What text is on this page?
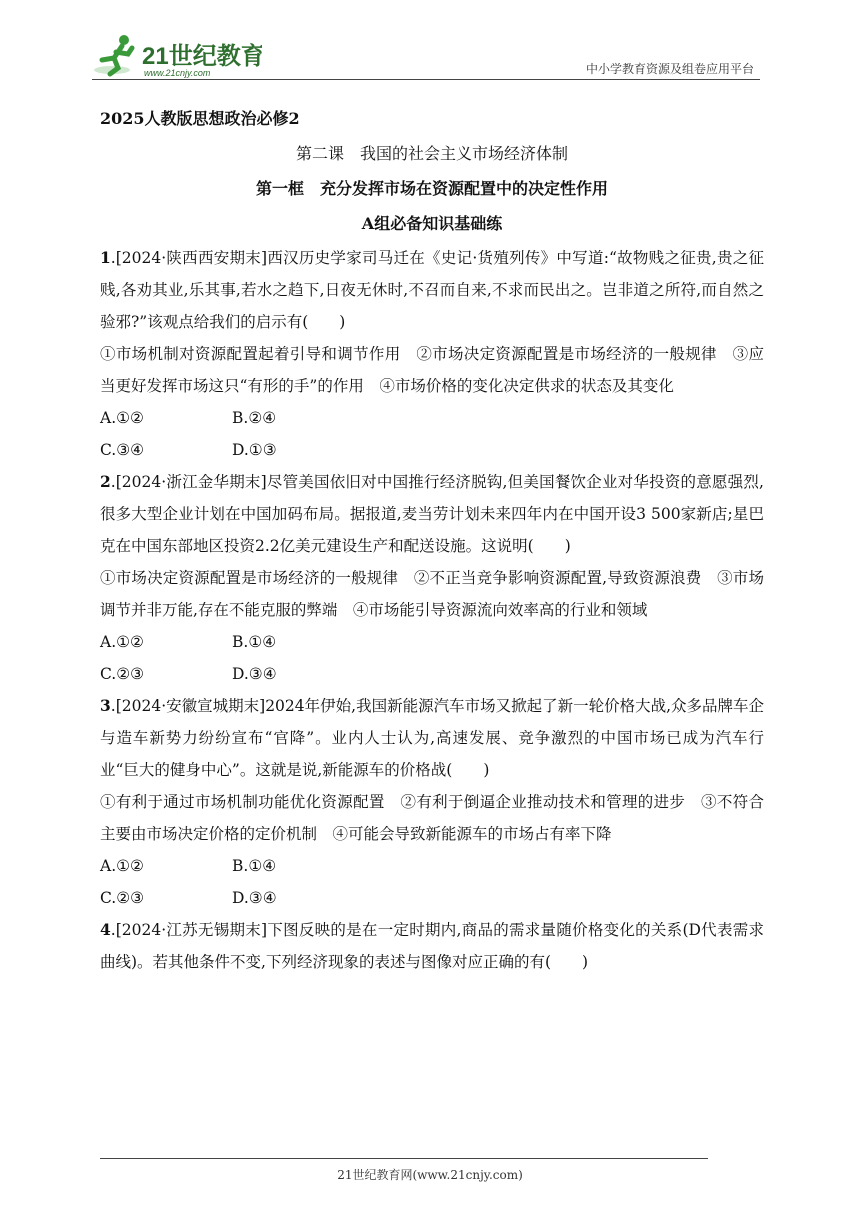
21世纪教育
www.21cnjy.com	中小学教育资源及组卷应用平台
2025人教版思想政治必修2
第二课　我国的社会主义市场经济体制
第一框　充分发挥市场在资源配置中的决定性作用
A组必备知识基础练

1.[2024·陕西西安期末]西汉历史学家司马迁在《史记·货殖列传》中写道:“故物贱之征贵,贵之征贱,各劝其业,乐其事,若水之趋下,日夜无休时,不召而自来,不求而民出之。岂非道之所符,而自然之验邪?”该观点给我们的启示有(　　)

①市场机制对资源配置起着引导和调节作用　②市场决定资源配置是市场经济的一般规律　③应当更好发挥市场这只“有形的手”的作用　④市场价格的变化决定供求的状态及其变化

A.①②	B.②④
C.③④	D.①③

2.[2024·浙江金华期末]尽管美国依旧对中国推行经济脱钩,但美国餐饮企业对华投资的意愿强烈,很多大型企业计划在中国加码布局。据报道,麦当劳计划未来四年内在中国开设3 500家新店;星巴克在中国东部地区投资2.2亿美元建设生产和配送设施。这说明(　　)

①市场决定资源配置是市场经济的一般规律　②不正当竞争影响资源配置,导致资源浪费　③市场调节并非万能,存在不能克服的弊端　④市场能引导资源流向效率高的行业和领域

A.①②	B.①④
C.②③	D.③④

3.[2024·安徽宣城期末]2024年伊始,我国新能源汽车市场又掀起了新一轮价格大战,众多品牌车企与造车新势力纷纷宣布“官降”。业内人士认为,高速发展、竞争激烈的中国市场已成为汽车行业“巨大的健身中心”。这就是说,新能源车的价格战(　　)

①有利于通过市场机制功能优化资源配置　②有利于倒逼企业推动技术和管理的进步　③不符合主要由市场决定价格的定价机制　④可能会导致新能源车的市场占有率下降

A.①②	B.①④
C.②③	D.③④

4.[2024·江苏无锡期末]下图反映的是在一定时期内,商品的需求量随价格变化的关系(D代表需求曲线)。若其他条件不变,下列经济现象的表述与图像对应正确的有(　　)

21世纪教育网(www.21cnjy.com)
